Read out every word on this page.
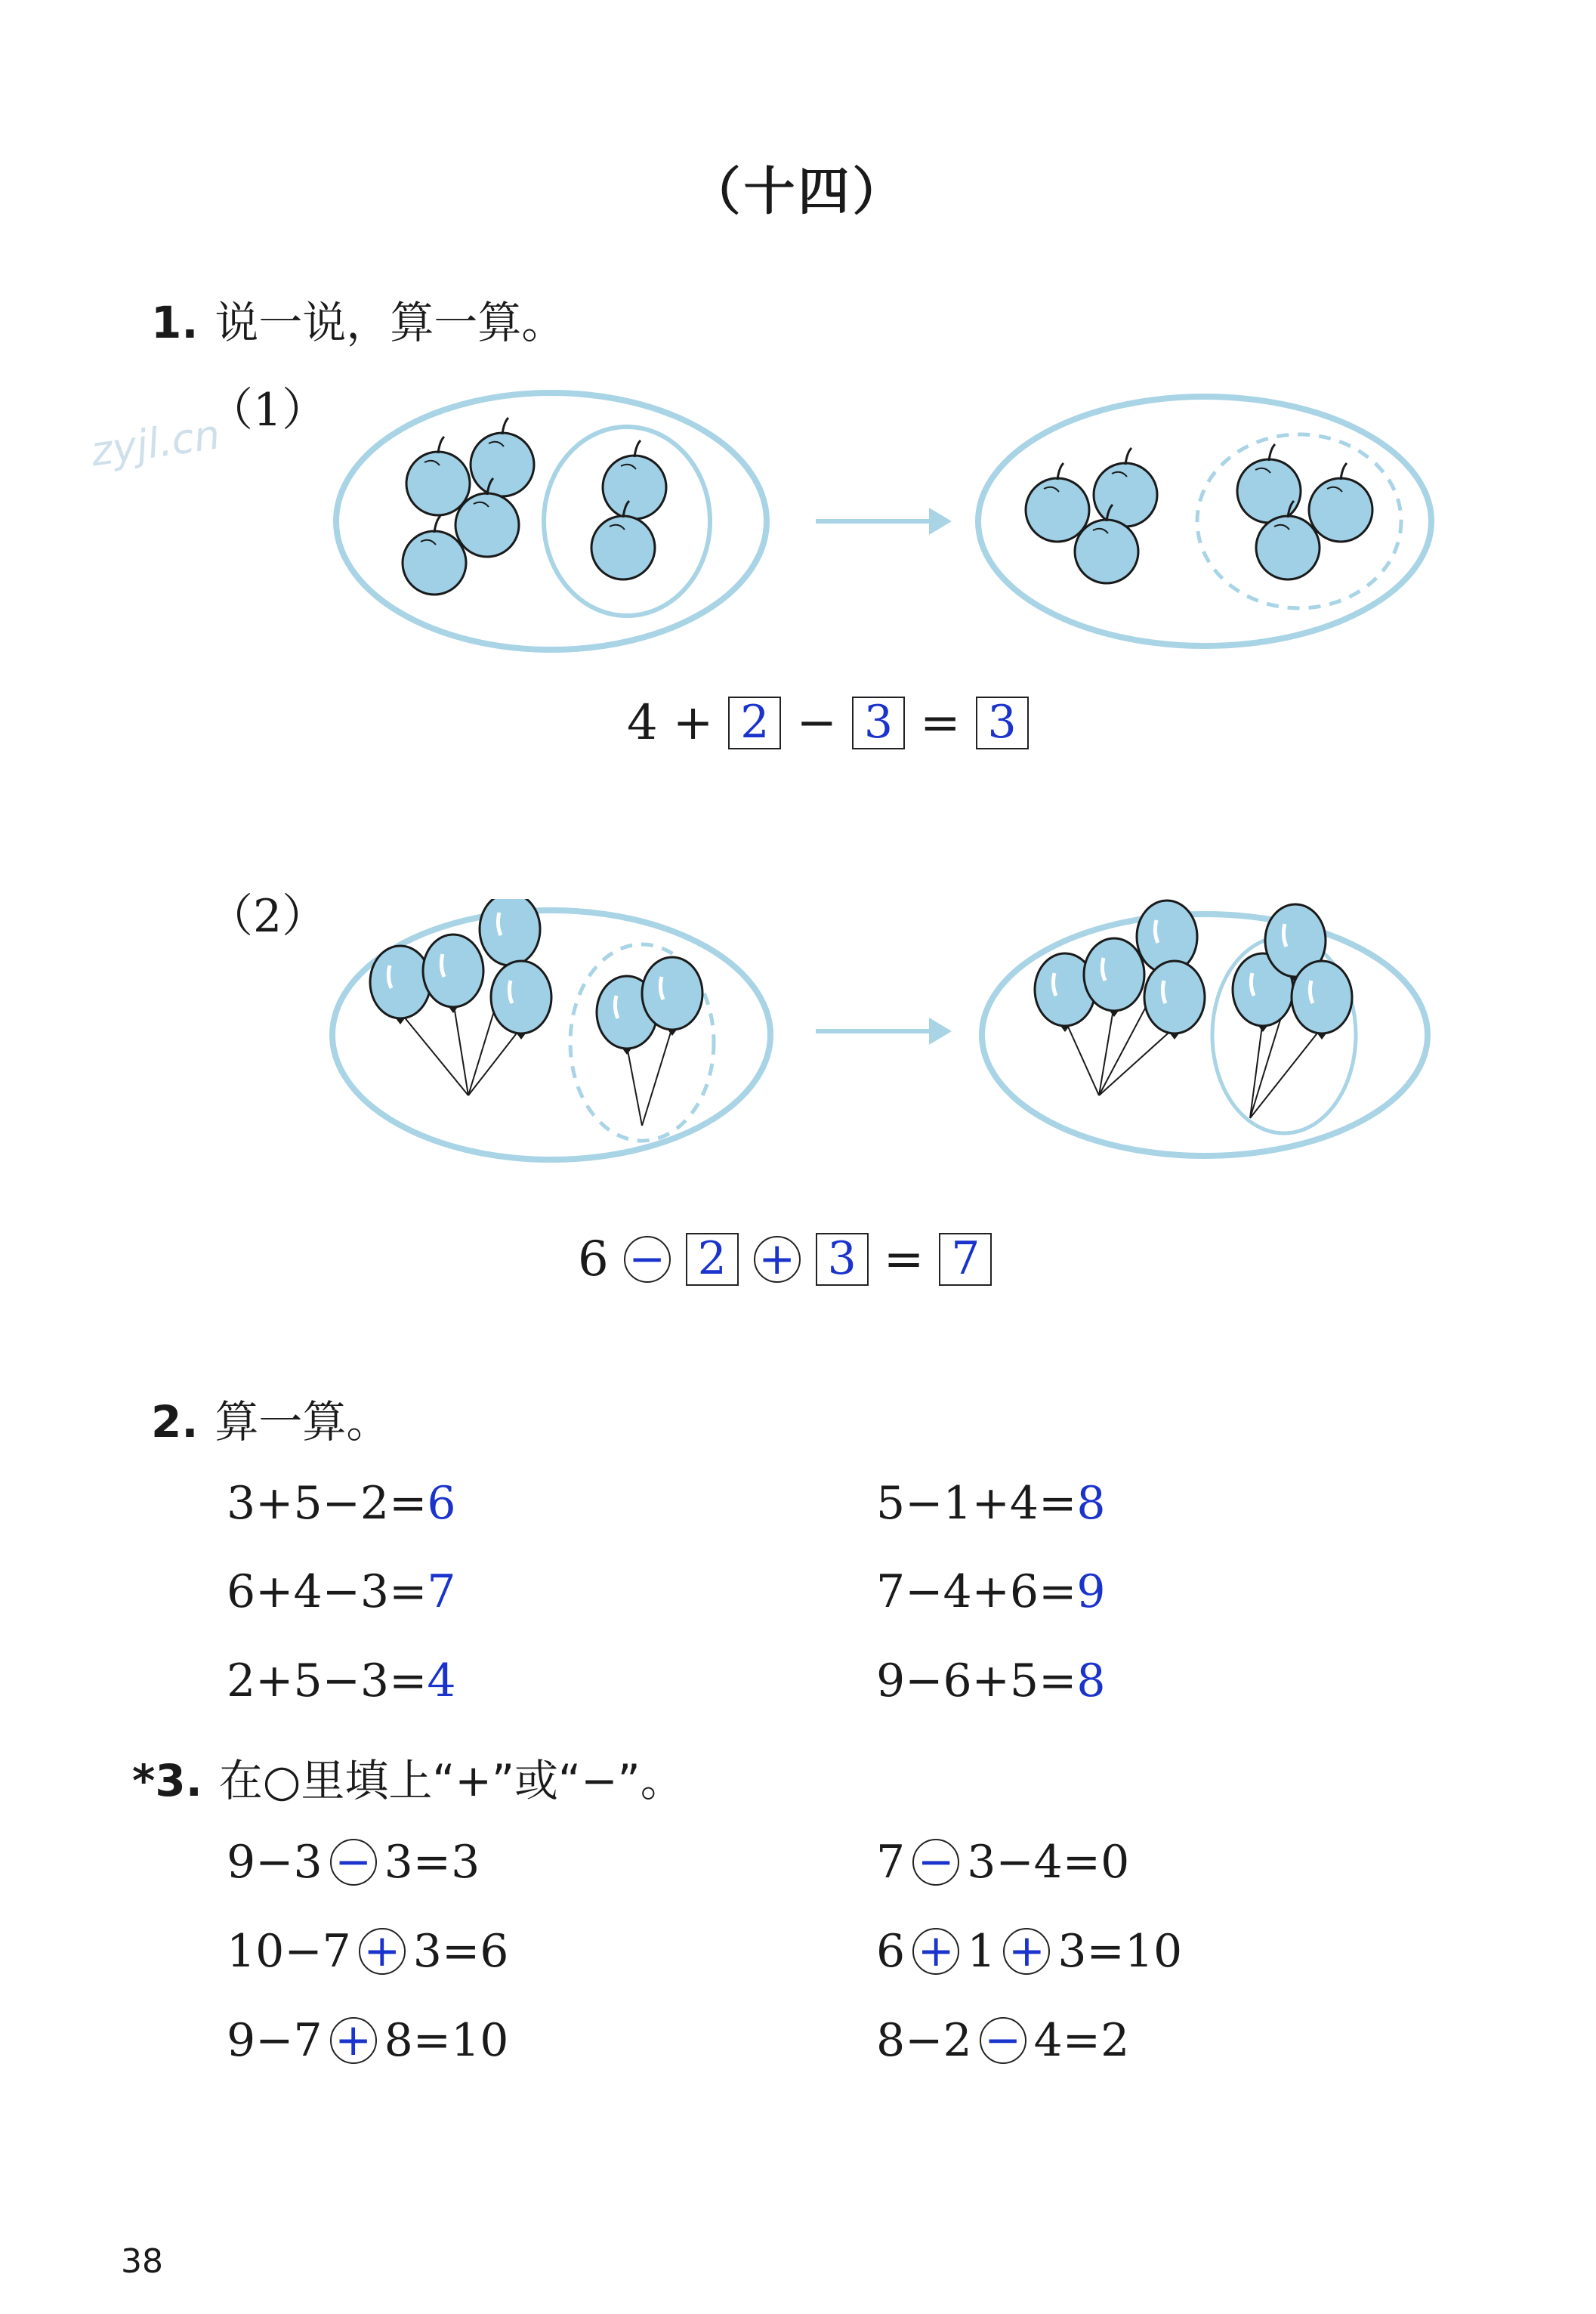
（十四）
zyjl.cn
1. 说一说，算一算。
（1）
4 + 2 − 3 = 3
（2）
6 − 2 + 3 = 7
2. 算一算。
3+5−2= 6	5−1+4= 8
6+4−3= 7	7−4+6= 9
2+5−3= 4	9−6+5= 8
*3. 在○里填上“+”或“−”。
9−3 − 3=3	7 − 3−4=0
10−7 + 3=6	6 + 1 + 3=10
9−7 + 8=10	8−2 − 4=2
38
